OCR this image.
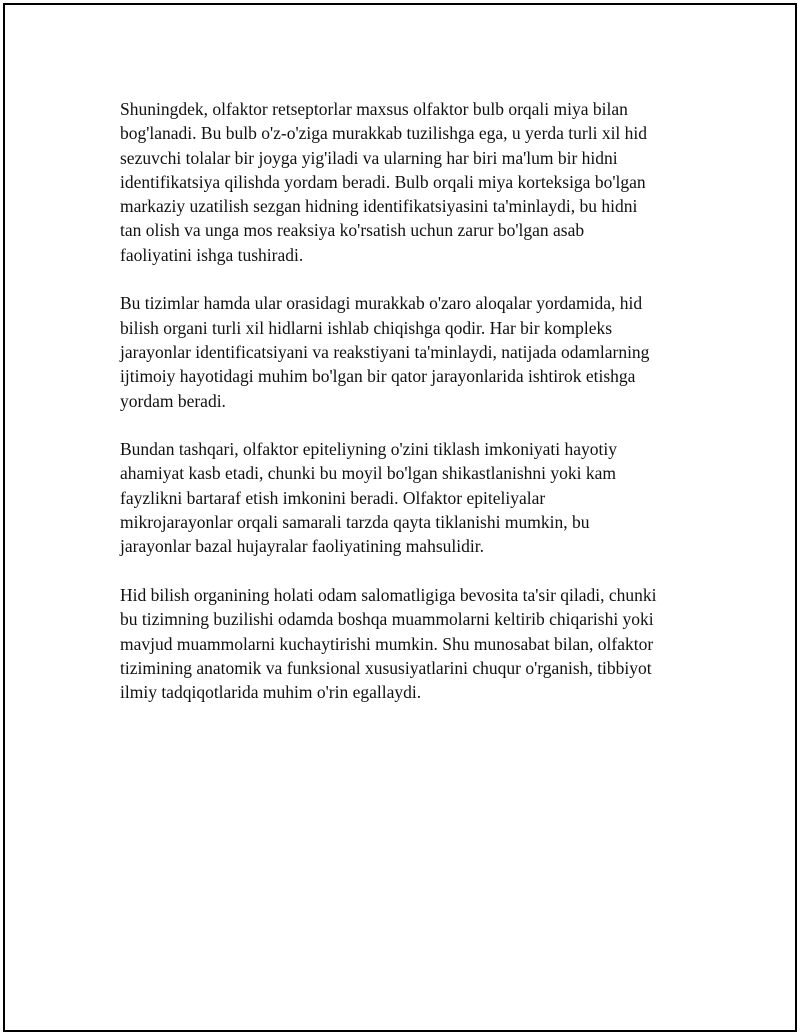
Shuningdek, olfaktor retseptorlar maxsus olfaktor bulb orqali miya bilan
bog'lanadi. Bu bulb o'z-o'ziga murakkab tuzilishga ega, u yerda turli xil hid
sezuvchi tolalar bir joyga yig'iladi va ularning har biri ma'lum bir hidni
identifikatsiya qilishda yordam beradi. Bulb orqali miya korteksiga bo'lgan
markaziy uzatilish sezgan hidning identifikatsiyasini ta'minlaydi, bu hidni
tan olish va unga mos reaksiya ko'rsatish uchun zarur bo'lgan asab
faoliyatini ishga tushiradi.

Bu tizimlar hamda ular orasidagi murakkab o'zaro aloqalar yordamida, hid
bilish organi turli xil hidlarni ishlab chiqishga qodir. Har bir kompleks
jarayonlar identificatsiyani va reakstiyani ta'minlaydi, natijada odamlarning
ijtimoiy hayotidagi muhim bo'lgan bir qator jarayonlarida ishtirok etishga
yordam beradi.

Bundan tashqari, olfaktor epiteliyning o'zini tiklash imkoniyati hayotiy
ahamiyat kasb etadi, chunki bu moyil bo'lgan shikastlanishni yoki kam
fayzlikni bartaraf etish imkonini beradi. Olfaktor epiteliyalar
mikrojarayonlar orqali samarali tarzda qayta tiklanishi mumkin, bu
jarayonlar bazal hujayralar faoliyatining mahsulidir.

Hid bilish organining holati odam salomatligiga bevosita ta'sir qiladi, chunki
bu tizimning buzilishi odamda boshqa muammolarni keltirib chiqarishi yoki
mavjud muammolarni kuchaytirishi mumkin. Shu munosabat bilan, olfaktor
tizimining anatomik va funksional xususiyatlarini chuqur o'rganish, tibbiyot
ilmiy tadqiqotlarida muhim o'rin egallaydi.
